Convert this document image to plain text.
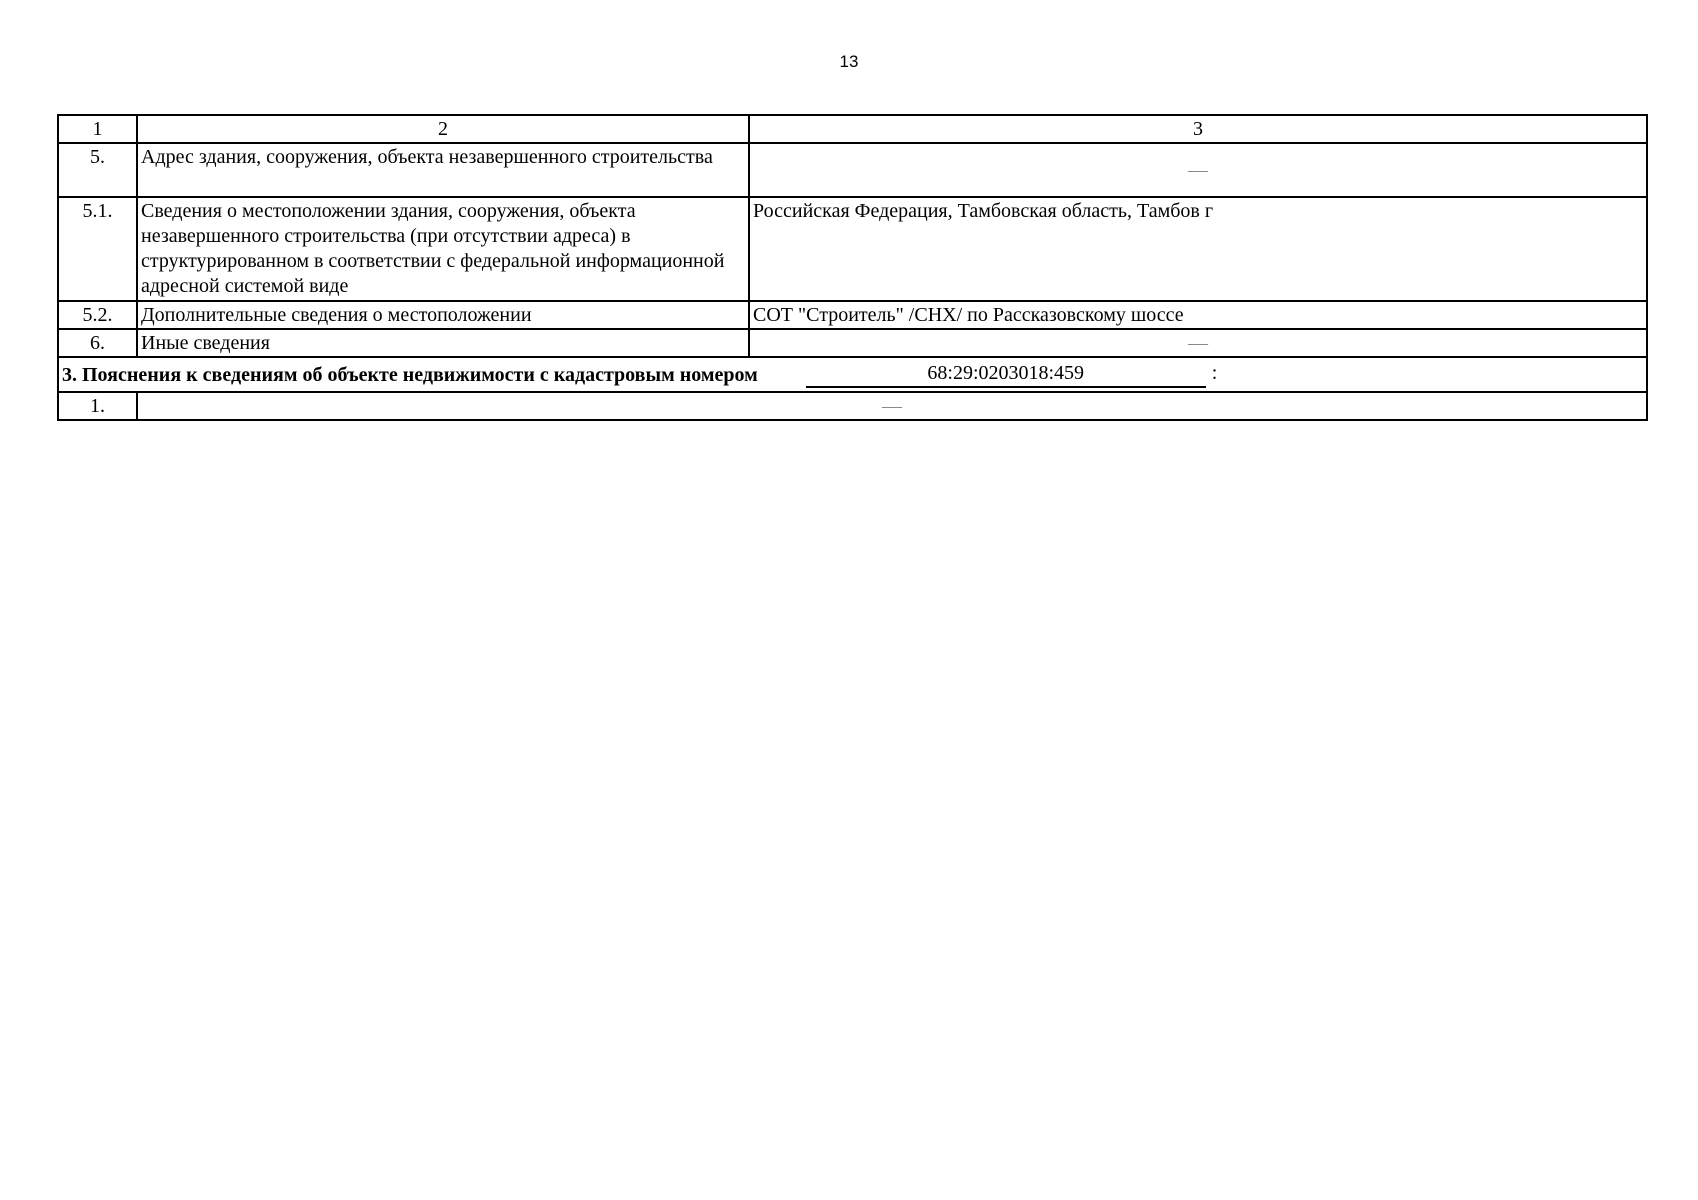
13
1	2	3
5.	Адрес здания, сооружения, объекта незавершенного строительства	—
5.1.	Сведения о местоположении здания, сооружения, объекта незавершенного строительства (при отсутствии адреса) в структурированном в соответствии с федеральной информационной адресной системой виде	Российская Федерация, Тамбовская область, Тамбов г
5.2.	Дополнительные сведения о местоположении	СОТ "Строитель" /СНХ/ по Рассказовскому шоссе
6.	Иные сведения	—
3. Пояснения к сведениям об объекте недвижимости с кадастровым номером 68:29:0203018:459 :		
1.	—	
